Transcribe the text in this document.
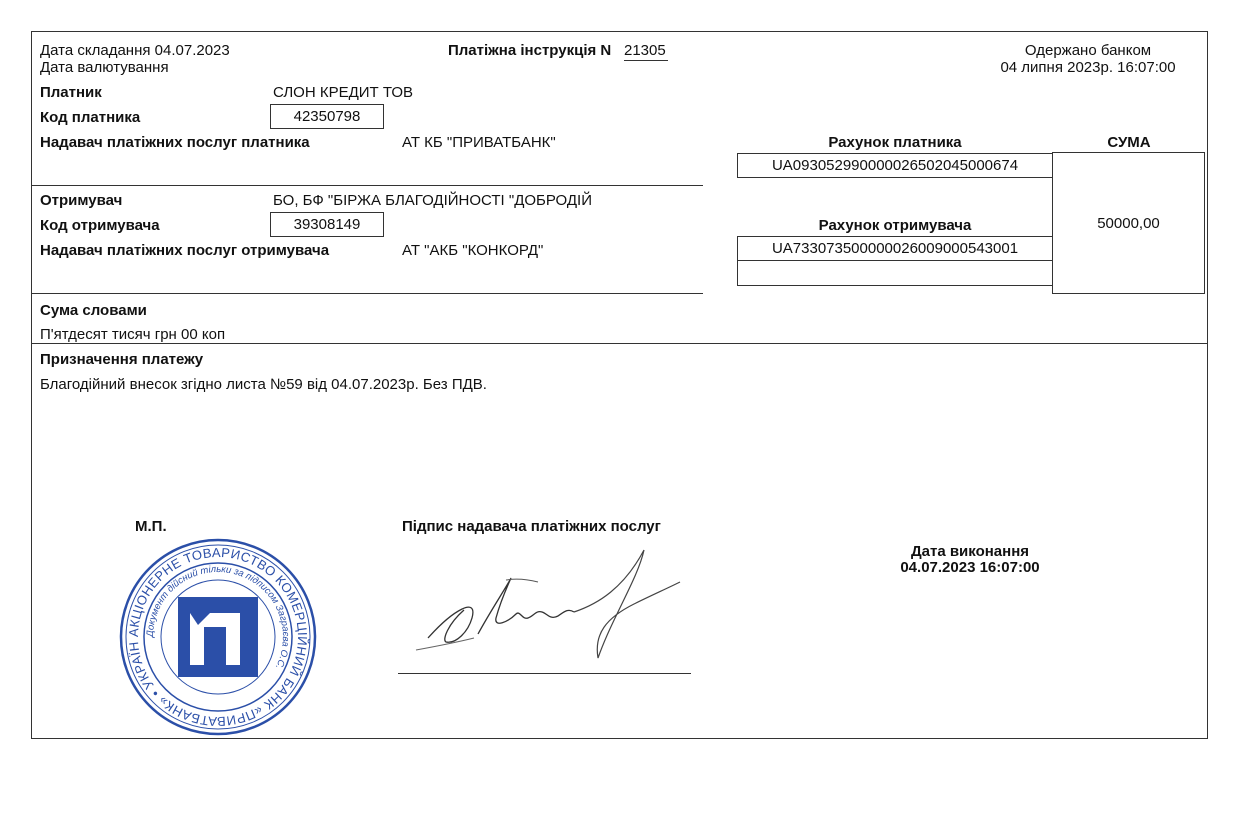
Дата складання 04.07.2023
Дата валютування
Платіжна інструкція N 21305	Одержано банком
04 липня 2023р. 16:07:00
Платник	СЛОН КРЕДИТ ТОВ
Код платника	42350798
Надавач платіжних послуг платника	АТ КБ "ПРИВАТБАНК"	Рахунок платника
UA093052990000026502045000674
СУМА
50000,00
Отримувач	БО, БФ "БІРЖА БЛАГОДІЙНОСТІ "ДОБРОДІЙ
Код отримувача	39308149
Надавач платіжних послуг отримувача	АТ "АКБ "КОНКОРД"
Рахунок отримувача
UA733073500000026009000543001
Сума словами
П'ятдесят тисяч грн 00 коп
Призначення платежу
Благодійний внесок згідно листа №59 від 04.07.2023р. Без ПДВ.
М.П.	Підпис надавача платіжних послуг
Дата виконання
04.07.2023 16:07:00
АКЦІОНЕРНЕ ТОВАРИСТВО КОМЕРЦІЙНИЙ БАНК «ПРИВАТБАНК» • УКРАЇНА • 14360570 •
Документ дійсний тільки за підписом Заграєва О.С.
